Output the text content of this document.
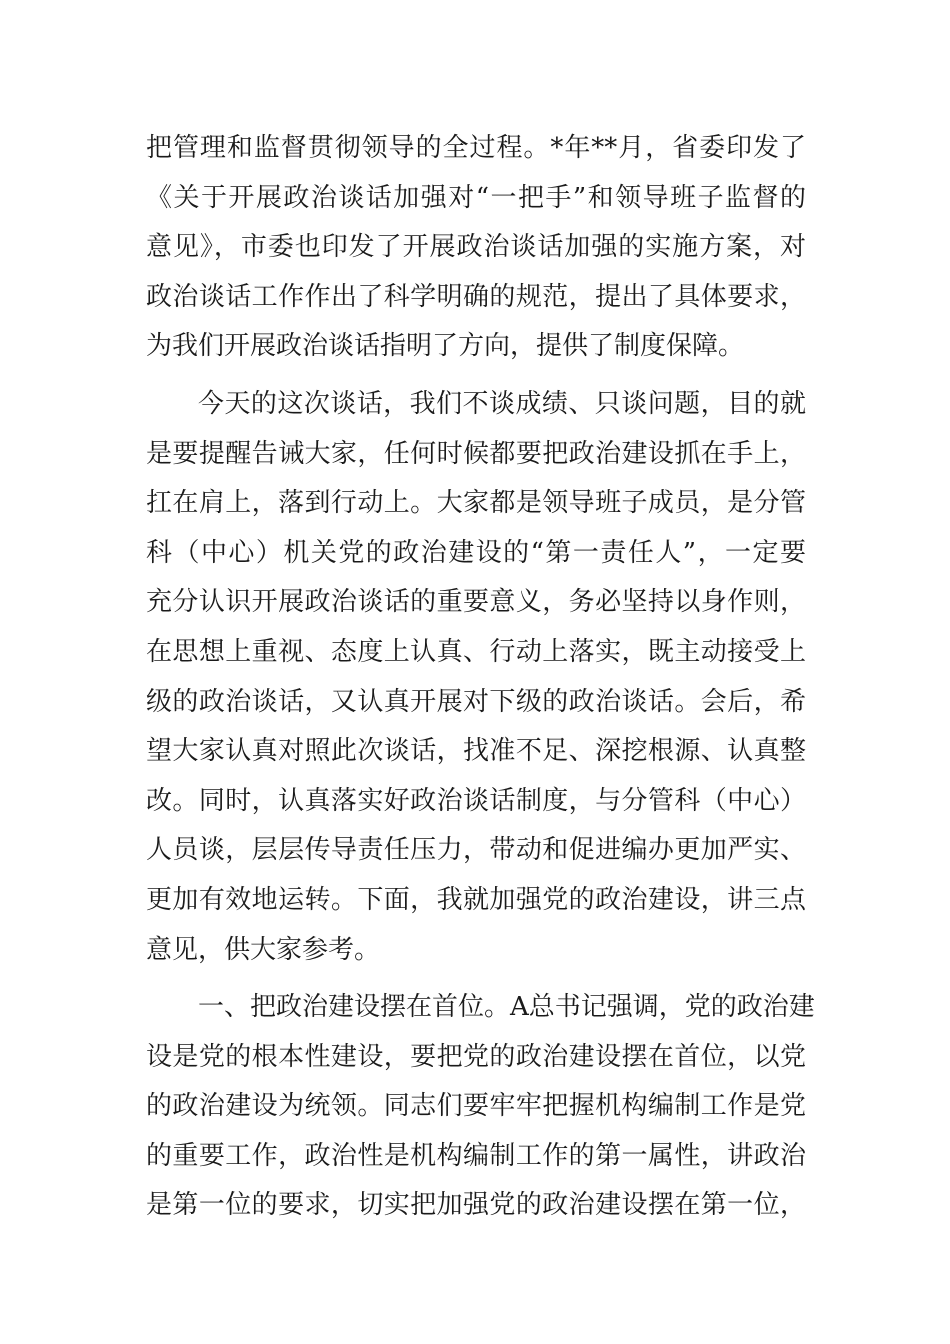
把管理和监督贯彻领导的全过程。*年**月，省委印发了
《关于开展政治谈话加强对“一把手”和领导班子监督的
意见》，市委也印发了开展政治谈话加强的实施方案，对
政治谈话工作作出了科学明确的规范，提出了具体要求，
为我们开展政治谈话指明了方向，提供了制度保障。
今天的这次谈话，我们不谈成绩、只谈问题，目的就
是要提醒告诫大家，任何时候都要把政治建设抓在手上，
扛在肩上，落到行动上。大家都是领导班子成员，是分管
科（中心）机关党的政治建设的“第一责任人”，一定要
充分认识开展政治谈话的重要意义，务必坚持以身作则，
在思想上重视、态度上认真、行动上落实，既主动接受上
级的政治谈话，又认真开展对下级的政治谈话。会后，希
望大家认真对照此次谈话，找准不足、深挖根源、认真整
改。同时，认真落实好政治谈话制度，与分管科（中心）
人员谈，层层传导责任压力，带动和促进编办更加严实、
更加有效地运转。下面，我就加强党的政治建设，讲三点
意见，供大家参考。
一、把政治建设摆在首位。A总书记强调，党的政治建
设是党的根本性建设，要把党的政治建设摆在首位，以党
的政治建设为统领。同志们要牢牢把握机构编制工作是党
的重要工作，政治性是机构编制工作的第一属性，讲政治
是第一位的要求，切实把加强党的政治建设摆在第一位，
